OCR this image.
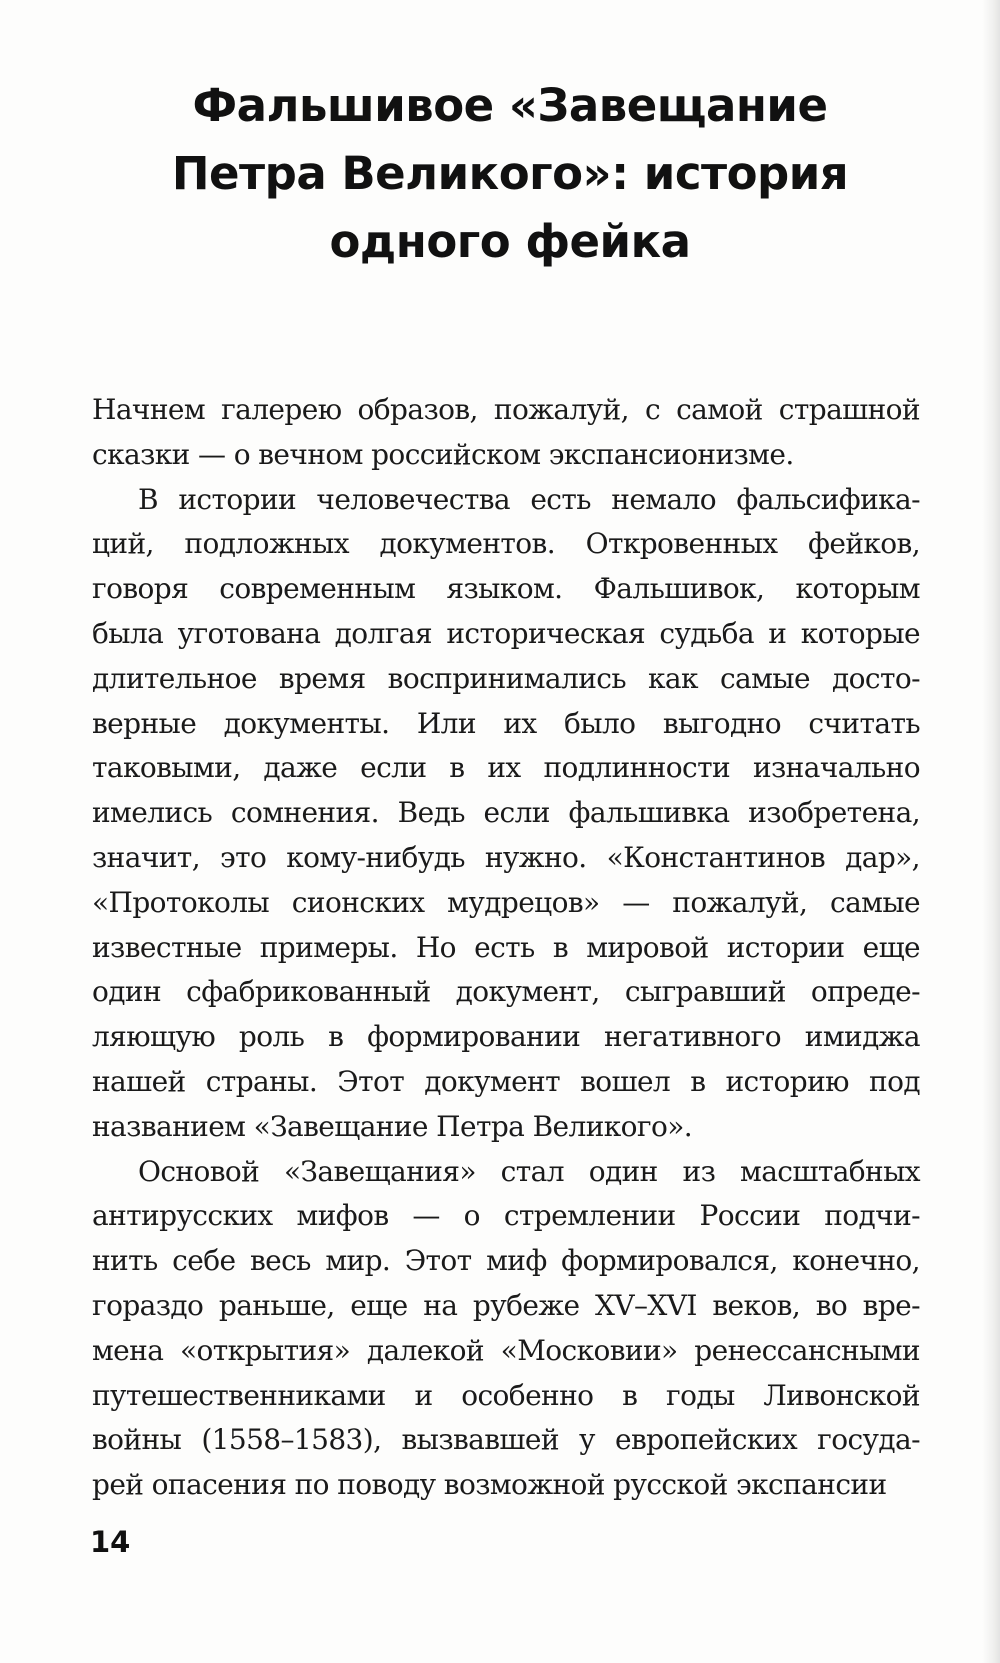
Фальшивое «Завещание
Петра Великого»: история
одного фейка
Начнем галерею образов, пожалуй, с самой страшной
сказки — о вечном российском экспансионизме.
В истории человечества есть немало фальсифика-
ций, подложных документов. Откровенных фейков,
говоря современным языком. Фальшивок, которым
была уготована долгая историческая судьба и которые
длительное время воспринимались как самые досто-
верные документы. Или их было выгодно считать
таковыми, даже если в их подлинности изначально
имелись сомнения. Ведь если фальшивка изобретена,
значит, это кому-нибудь нужно. «Константинов дар»,
«Протоколы сионских мудрецов» — пожалуй, самые
известные примеры. Но есть в мировой истории еще
один сфабрикованный документ, сыгравший опреде-
ляющую роль в формировании негативного имиджа
нашей страны. Этот документ вошел в историю под
названием «Завещание Петра Великого».
Основой «Завещания» стал один из масштабных
антирусских мифов — о стремлении России подчи-
нить себе весь мир. Этот миф формировался, конечно,
гораздо раньше, еще на рубеже XV–XVI веков, во вре-
мена «открытия» далекой «Московии» ренессансными
путешественниками и особенно в годы Ливонской
войны (1558–1583), вызвавшей у европейских госуда-
рей опасения по поводу возможной русской экспансии
14
